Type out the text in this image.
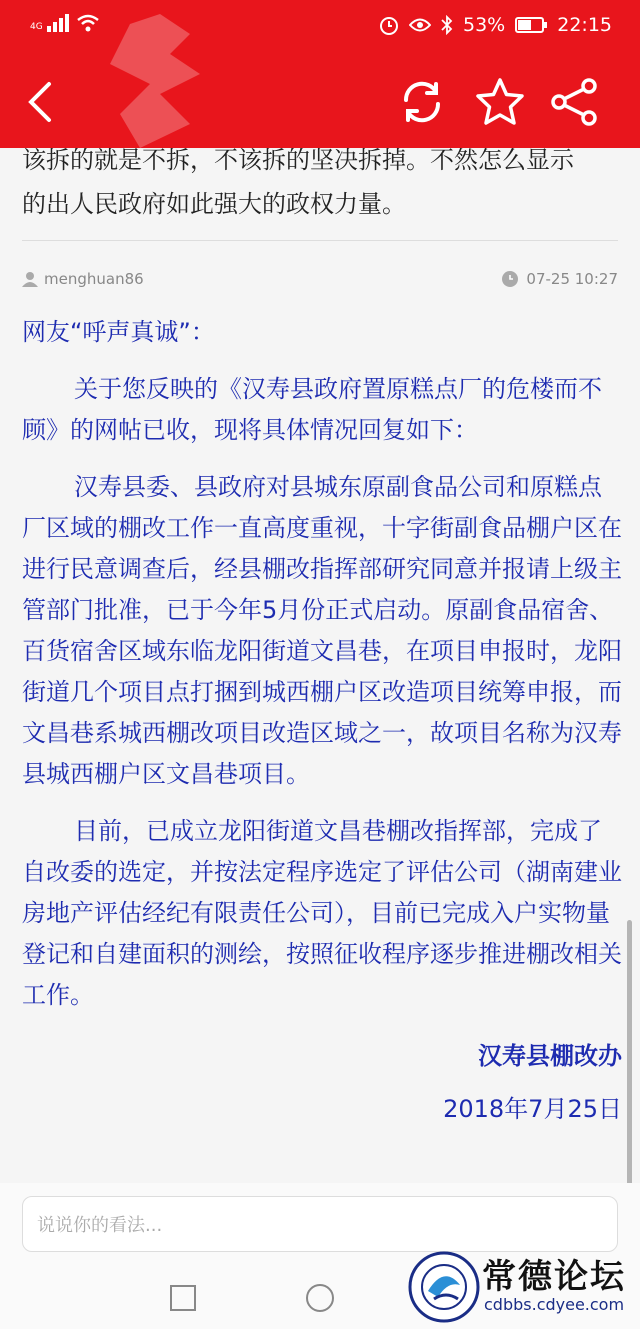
4G	53%	22:15
该拆的就是不拆，不该拆的坚决拆掉。不然怎么显示
的出人民政府如此强大的政权力量。
menghuan86	07-25 10:27

网友“呼声真诚”：

关于您反映的《汉寿县政府置原糕点厂的危楼而不顾》的网帖已收，现将具体情况回复如下：

汉寿县委、县政府对县城东原副食品公司和原糕点厂区域的棚改工作一直高度重视，十字街副食品棚户区在进行民意调查后，经县棚改指挥部研究同意并报请上级主管部门批准，已于今年5月份正式启动。原副食品宿舍、百货宿舍区域东临龙阳街道文昌巷，在项目申报时，龙阳街道几个项目点打捆到城西棚户区改造项目统筹申报，而文昌巷系城西棚改项目改造区域之一，故项目名称为汉寿县城西棚户区文昌巷项目。

目前，已成立龙阳街道文昌巷棚改指挥部，完成了自改委的选定，并按法定程序选定了评估公司（湖南建业房地产评估经纪有限责任公司），目前已完成入户实物量登记和自建面积的测绘，按照征收程序逐步推进棚改相关工作。

汉寿县棚改办
2018年7月25日
说说你的看法...
常德论坛
cdbbs.cdyee.com
